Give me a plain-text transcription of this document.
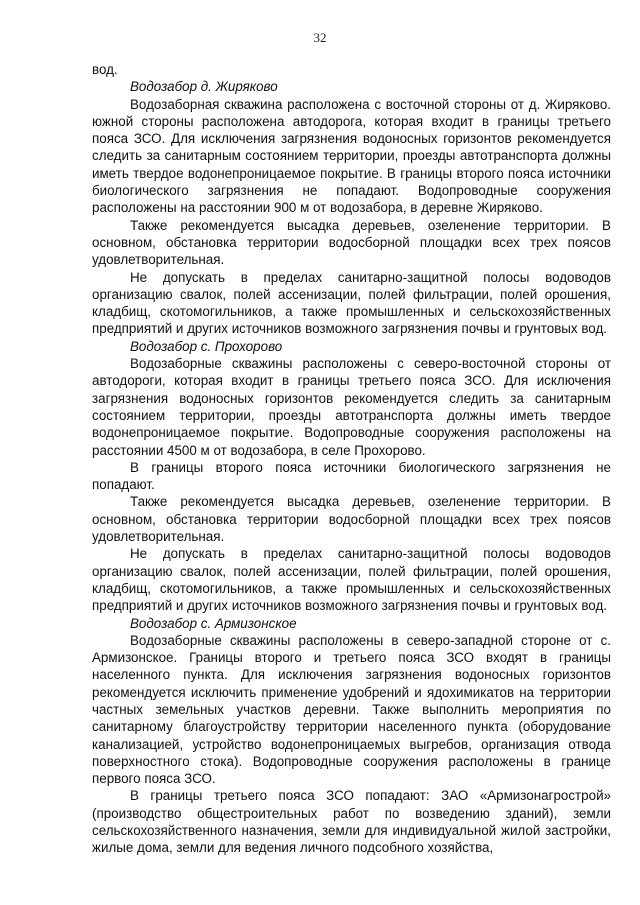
32

вод.

Водозабор д. Жиряково

Водозаборная скважина расположена с восточной стороны от д. Жиряково. южной стороны расположена автодорога, которая входит в границы третьего пояса ЗСО. Для исключения загрязнения водоносных горизонтов рекомендуется следить за санитарным состоянием территории, проезды автотранспорта должны иметь твердое водонепроницаемое покрытие. В границы второго пояса источники биологического загрязнения не попадают. Водопроводные сооружения расположены на расстоянии 900 м от водозабора, в деревне Жиряково.

Также рекомендуется высадка деревьев, озеленение территории. В основном, обстановка территории водосборной площадки всех трех поясов удовлетворительная.

Не допускать в пределах санитарно-защитной полосы водоводов организацию свалок, полей ассенизации, полей фильтрации, полей орошения, кладбищ, скотомогильников, а также промышленных и сельскохозяйственных предприятий и других источников возможного загрязнения почвы и грунтовых вод.

Водозабор с. Прохорово

Водозаборные скважины расположены с северо-восточной стороны от автодороги, которая входит в границы третьего пояса ЗСО. Для исключения загрязнения водоносных горизонтов рекомендуется следить за санитарным состоянием территории, проезды автотранспорта должны иметь твердое водонепроницаемое покрытие. Водопроводные сооружения расположены на расстоянии 4500 м от водозабора, в селе Прохорово.

В границы второго пояса источники биологического загрязнения не попадают.

Также рекомендуется высадка деревьев, озеленение территории. В основном, обстановка территории водосборной площадки всех трех поясов удовлетворительная.

Не допускать в пределах санитарно-защитной полосы водоводов организацию свалок, полей ассенизации, полей фильтрации, полей орошения, кладбищ, скотомогильников, а также промышленных и сельскохозяйственных предприятий и других источников возможного загрязнения почвы и грунтовых вод.

Водозабор с. Армизонское

Водозаборные скважины расположены в северо-западной стороне от с. Армизонское. Границы второго и третьего пояса ЗСО входят в границы населенного пункта. Для исключения загрязнения водоносных горизонтов рекомендуется исключить применение удобрений и ядохимикатов на территории частных земельных участков деревни. Также выполнить мероприятия по санитарному благоустройству территории населенного пункта (оборудование канализацией, устройство водонепроницаемых выгребов, организация отвода поверхностного стока). Водопроводные сооружения расположены в границе первого пояса ЗСО.

В границы третьего пояса ЗСО попадают: ЗАО «Армизонагрострой» (производство общестроительных работ по возведению зданий), земли сельскохозяйственного назначения, земли для индивидуальной жилой застройки, жилые дома, земли для ведения личного подсобного хозяйства,
